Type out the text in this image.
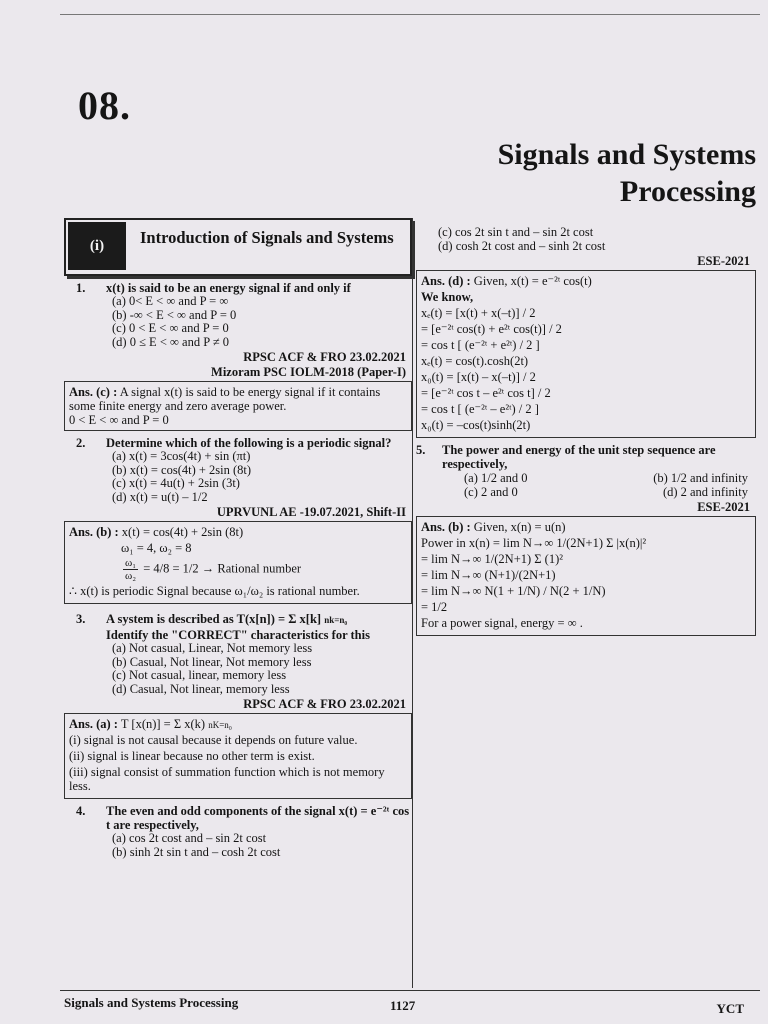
08.
Signals and Systems
Processing
(i)	Introduction of Signals and Systems
1.	x(t) is said to be an energy signal if and only if
(a) 0< E < ∞ and P = ∞
(b) -∞ < E < ∞ and P = 0
(c) 0 < E < ∞ and P = 0
(d) 0 ≤ E < ∞ and P ≠ 0
RPSC ACF & FRO 23.02.2021
Mizoram PSC IOLM-2018 (Paper-I)
Ans. (c) : A signal x(t) is said to be energy signal if it contains some finite energy and zero average power.
0 < E < ∞ and P = 0
2.	Determine which of the following is a periodic signal?
(a) x(t) = 3cos(4t) + sin (πt)
(b) x(t) = cos(4t) + 2sin (8t)
(c) x(t) = 4u(t) + 2sin (3t)
(d) x(t) = u(t) – 1/2
UPRVUNL AE -19.07.2021, Shift-II
Ans. (b) : x(t) = cos(4t) + 2sin (8t)
ω₁ = 4, ω₂ = 8
$\frac{\text{ω₁}}{\text{ω₂}} = 4/8 = 1/2$ → Rational number
∴ x(t) is periodic Signal because ω₁/ω₂ is rational number.
3.	A system is described as T(x[n]) = Σ x[k] nk=n₀
Identify the "CORRECT" characteristics for this
(a) Not casual, Linear, Not memory less
(b) Casual, Not linear, Not memory less
(c) Not casual, linear, memory less
(d) Casual, Not linear, memory less
RPSC ACF & FRO 23.02.2021
Ans. (a) : T [x(n)] = Σ x(k) nK=n₀
(i) signal is not causal because it depends on future value.
(ii) signal is linear because no other term is exist.
(iii) signal consist of summation function which is not memory less.
4.	The even and odd components of the signal x(t) = e⁻²ᵗ cos t are respectively,
(a) cos 2t cost and – sin 2t cost
(b) sinh 2t sin t and – cosh 2t cost
(c) cos 2t sin t and – sin 2t cost
(d) cosh 2t cost and – sinh 2t cost
ESE-2021
Ans. (d) : Given, x(t) = e⁻²ᵗ cos(t)
We know,
xₑ(t) = [x(t) + x(–t)] / 2
= [e⁻²ᵗ cos(t) + e²ᵗ cos(t)] / 2
= cos t [ (e⁻²ᵗ + e²ᵗ) / 2 ]
xₑ(t) = cos(t).cosh(2t)
x₀(t) = [x(t) – x(–t)] / 2
= [e⁻²ᵗ cos t – e²ᵗ cos t] / 2
= cos t [ (e⁻²ᵗ – e²ᵗ) / 2 ]
x₀(t) = –cos(t)sinh(2t)
5.	The power and energy of the unit step sequence are respectively,
(a) 1/2 and 0	(b) 1/2 and infinity
(c) 2 and 0	(d) 2 and infinity
ESE-2021
Ans. (b) : Given, x(n) = u(n)
Power in x(n) = lim N→∞ 1/(2N+1) Σ |x(n)|²
= lim N→∞ 1/(2N+1) Σ (1)²
= lim N→∞ (N+1)/(2N+1)
= lim N→∞ N(1 + 1/N) / N(2 + 1/N)
= 1/2
For a power signal, energy = ∞ .
Signals and Systems Processing	1127	YCT
